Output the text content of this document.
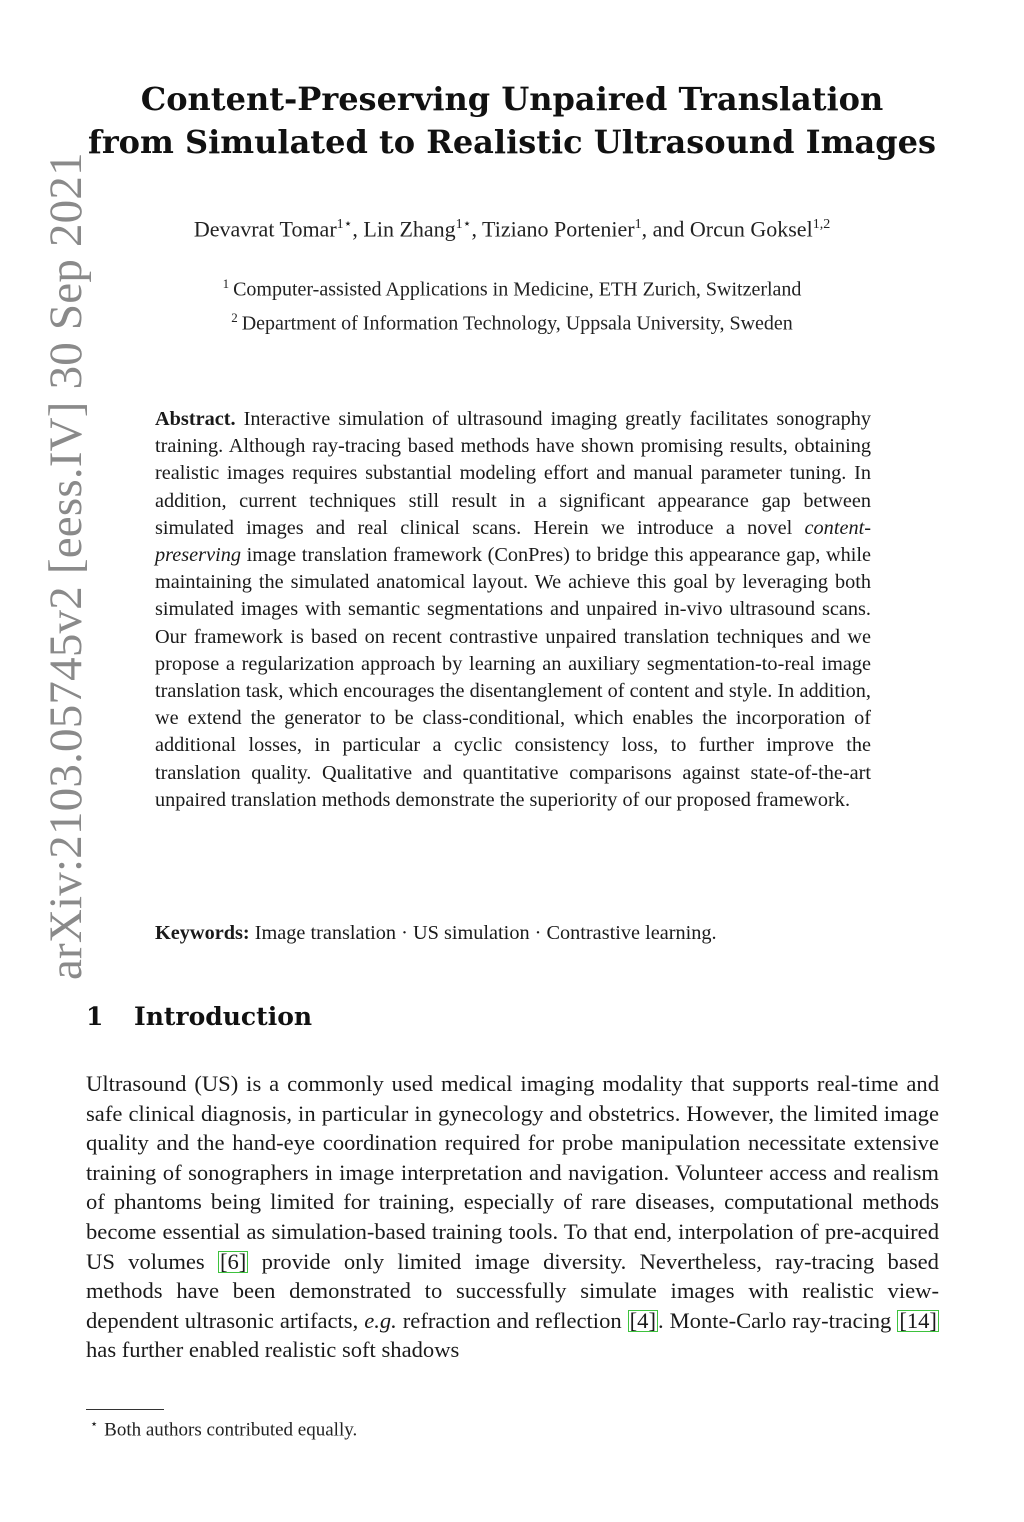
arXiv:2103.05745v2 [eess.IV] 30 Sep 2021
Content-Preserving Unpaired Translation
from Simulated to Realistic Ultrasound Images
Devavrat Tomar$^{1⋆}$, Lin Zhang$^{1⋆}$, Tiziano Portenier$^1$, and Orcun Goksel$^{1,2}$
$^1$ Computer-assisted Applications in Medicine, ETH Zurich, Switzerland
$^2$ Department of Information Technology, Uppsala University, Sweden
Abstract. Interactive simulation of ultrasound imaging greatly facilitates sonography training. Although ray-tracing based methods have shown promising results, obtaining realistic images requires substantial modeling effort and manual parameter tuning. In addition, current techniques still result in a significant appearance gap between simulated images and real clinical scans. Herein we introduce a novel content-preserving image translation framework (ConPres) to bridge this appearance gap, while maintaining the simulated anatomical layout. We achieve this goal by leveraging both simulated images with semantic segmentations and unpaired in-vivo ultrasound scans. Our framework is based on recent contrastive unpaired translation techniques and we propose a regularization approach by learning an auxiliary segmentation-to-real image translation task, which encourages the disentanglement of content and style. In addition, we extend the generator to be class-conditional, which enables the incorporation of additional losses, in particular a cyclic consistency loss, to further improve the translation quality. Qualitative and quantitative comparisons against state-of-the-art unpaired translation methods demonstrate the superiority of our proposed framework.
Keywords: Image translation · US simulation · Contrastive learning.
1 Introduction
Ultrasound (US) is a commonly used medical imaging modality that supports real-time and safe clinical diagnosis, in particular in gynecology and obstetrics. However, the limited image quality and the hand-eye coordination required for probe manipulation necessitate extensive training of sonographers in image interpretation and navigation. Volunteer access and realism of phantoms being limited for training, especially of rare diseases, computational methods become essential as simulation-based training tools. To that end, interpolation of pre-acquired US volumes [6] provide only limited image diversity. Nevertheless, ray-tracing based methods have been demonstrated to successfully simulate images with realistic view-dependent ultrasonic artifacts, e.g. refraction and reflection [4]. Monte-Carlo ray-tracing [14] has further enabled realistic soft shadows
⋆ Both authors contributed equally.
